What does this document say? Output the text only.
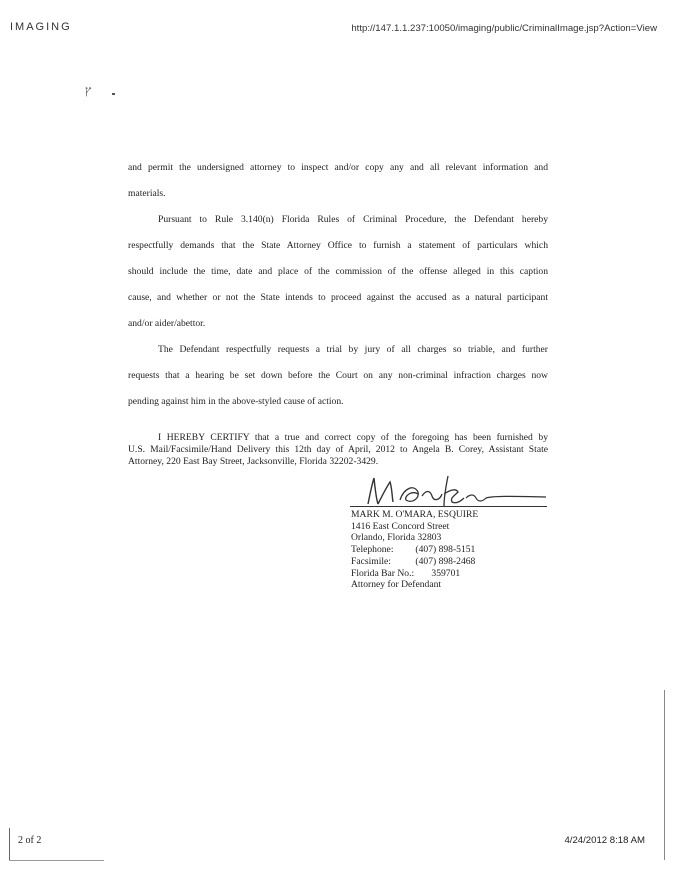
IMAGING	http://147.1.1.237:10050/imaging/public/CriminalImage.jsp?Action=View
ץ
and permit the undersigned attorney to inspect and/or copy any and all relevant information and
materials.
Pursuant to Rule 3.140(n) Florida Rules of Criminal Procedure, the Defendant hereby
respectfully demands that the State Attorney Office to furnish a statement of particulars which
should include the time, date and place of the commission of the offense alleged in this caption
cause, and whether or not the State intends to proceed against the accused as a natural participant
and/or aider/abettor.
The Defendant respectfully requests a trial by jury of all charges so triable, and further
requests that a hearing be set down before the Court on any non-criminal infraction charges now
pending against him in the above-styled cause of action.
I HEREBY CERTIFY that a true and correct copy of the foregoing has been furnished by
U.S. Mail/Facsimile/Hand Delivery this 12th day of April, 2012 to Angela B. Corey, Assistant State
Attorney, 220 East Bay Street, Jacksonville, Florida 32202-3429.
MARK M. O'MARA, ESQUIRE
1416 East Concord Street
Orlando, Florida 32803
Telephone: (407) 898-5151
Facsimile:	(407) 898-2468
Florida Bar No.: 359701
Attorney for Defendant
2 of 2	4/24/2012 8:18 AM
